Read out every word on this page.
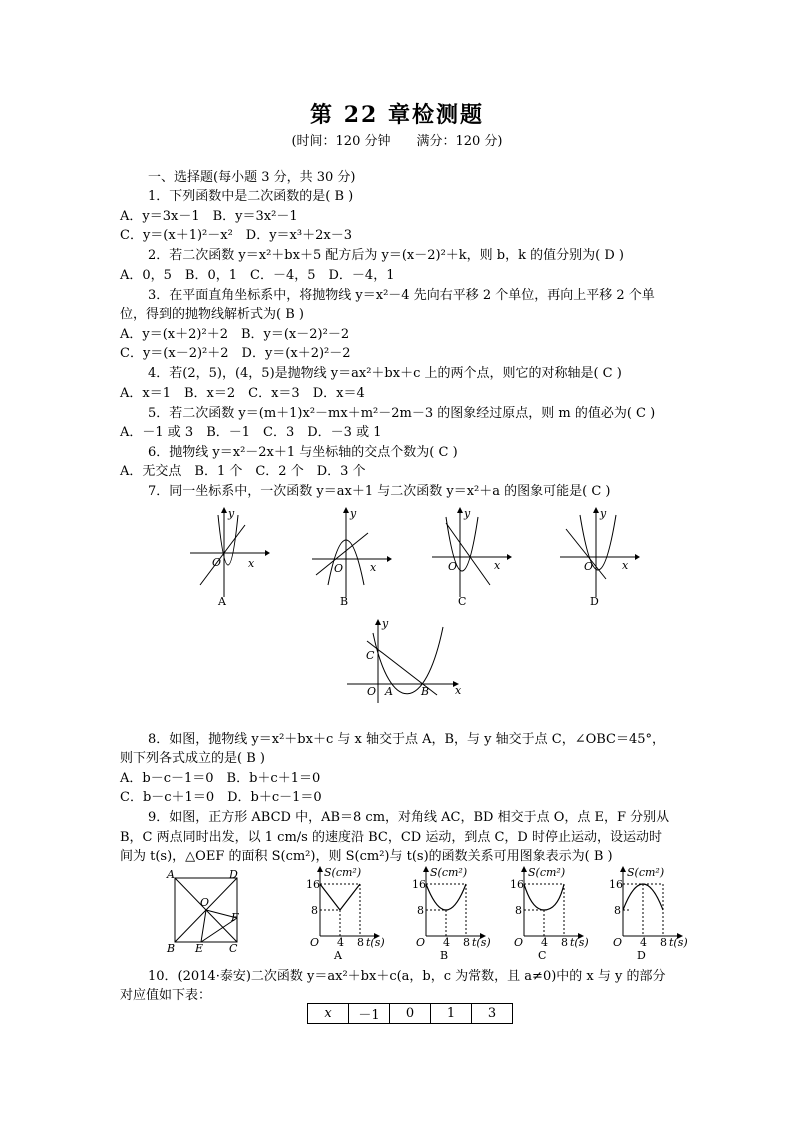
第 22 章检测题
(时间：120 分钟　　满分：120 分)
一、选择题(每小题 3 分，共 30 分)
1．下列函数中是二次函数的是( B )
A．y＝3x－1　B．y＝3x²－1
C．y＝(x＋1)²－x²　D．y＝x³＋2x－3
2．若二次函数 y＝x²＋bx＋5 配方后为 y＝(x－2)²＋k，则 b，k 的值分别为( D )
A．0，5　B．0，1　C．－4，5　D．－4，1
3．在平面直角坐标系中，将抛物线 y＝x²－4 先向右平移 2 个单位，再向上平移 2 个单
位，得到的抛物线解析式为( B )
A．y＝(x＋2)²＋2　B．y＝(x－2)²－2
C．y＝(x－2)²＋2　D．y＝(x＋2)²－2
4．若(2，5)，(4，5)是抛物线 y＝ax²＋bx＋c 上的两个点，则它的对称轴是( C )
A．x＝1　B．x＝2　C．x＝3　D．x＝4
5．若二次函数 y＝(m＋1)x²－mx＋m²－2m－3 的图象经过原点，则 m 的值必为( C )
A．－1 或 3　B．－1　C．3　D．－3 或 1
6．抛物线 y＝x²－2x＋1 与坐标轴的交点个数为( C )
A．无交点　B．1 个　C．2 个　D．3 个
7．同一坐标系中，一次函数 y＝ax＋1 与二次函数 y＝x²＋a 的图象可能是( C )
y
O x
A
y
O x
B
y
O	x
C
y
O	x
D
y
C
O A	B x
8．如图，抛物线 y＝x²＋bx＋c 与 x 轴交于点 A，B，与 y 轴交于点 C，∠OBC＝45°，
则下列各式成立的是( B )
A．b－c－1＝0　B．b＋c＋1＝0
C．b－c＋1＝0　D．b＋c－1＝0
9．如图，正方形 ABCD 中，AB＝8 cm，对角线 AC，BD 相交于点 O，点 E，F 分别从
B，C 两点同时出发，以 1 cm/s 的速度沿 BC，CD 运动，到点 C，D 时停止运动，设运动时
间为 t(s)，△OEF 的面积 S(cm²)，则 S(cm²)与 t(s)的函数关系可用图象表示为( B )
A	D
O
F
B E C
S(cm²)
16
8
O 4 8 t(s)
A
S(cm²)
16
8
O 4 8 t(s)
B
S(cm²)
16
8
O 4 8 t(s)
C
S(cm²)
16
8
O 4 8 t(s)
D
10．(2014·泰安)二次函数 y＝ax²＋bx＋c(a，b，c 为常数，且 a≠0)中的 x 与 y 的部分
对应值如下表：
x	－1	0	1	3
